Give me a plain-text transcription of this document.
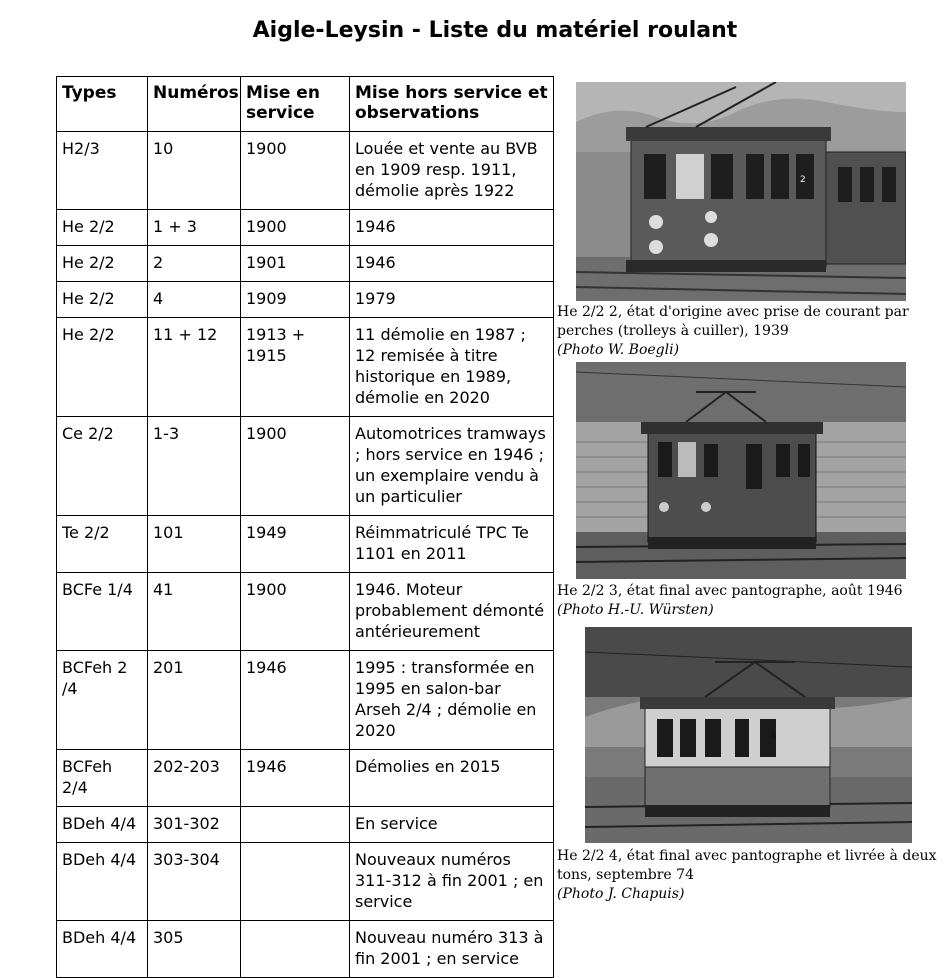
Aigle-Leysin - Liste du matériel roulant
Types	Numéros	Mise en service	Mise hors service et observations
H2/3	10	1900	Louée et vente au BVB en 1909 resp. 1911, démolie après 1922
He 2/2	1 + 3	1900	1946
He 2/2	2	1901	1946
He 2/2	4	1909	1979
He 2/2	11 + 12	1913 + 1915	11 démolie en 1987 ; 12 remisée à titre historique en 1989, démolie en 2020
Ce 2/2	1-3	1900	Automotrices tramways ; hors service en 1946 ; un exemplaire vendu à un particulier
Te 2/2	101	1949	Réimmatriculé TPC Te 1101 en 2011
BCFe 1/4	41	1900	1946. Moteur probablement démonté antérieurement
BCFeh 2 /4	201	1946	1995 : transformée en 1995 en salon-bar Arseh 2/4 ; démolie en 2020
BCFeh 2/4	202-203	1946	Démolies en 2015
BDeh 4/4	301-302		En service
BDeh 4/4	303-304		Nouveaux numéros 311-312 à fin 2001 ; en service
BDeh 4/4	305		Nouveau numéro 313 à fin 2001 ; en service
2
He 2/2 2, état d'origine avec prise de courant par perches (trolleys à cuiller), 1939
(Photo W. Boegli)
He 2/2 3, état final avec pantographe, août 1946
(Photo H.-U. Würsten)
4
He 2/2 4, état final avec pantographe et livrée à deux tons, septembre 74
(Photo J. Chapuis)
